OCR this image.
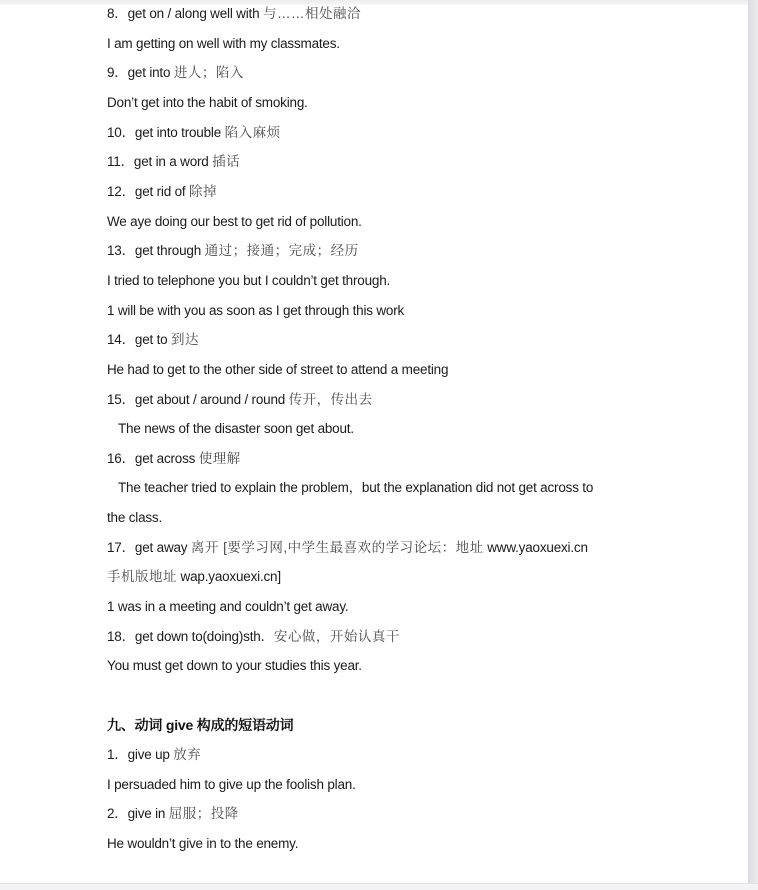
8．get on / along well with 与……相处融洽
I am getting on well with my classmates.
9．get into 进人；陷入
Don’t get into the habit of smoking.
10．get into trouble 陷入麻烦
11．get in a word 插话
12．get rid of 除掉
We aye doing our best to get rid of pollution.
13．get through 通过；接通；完成；经历
I tried to telephone you but I couldn’t get through.
1 will be with you as soon as I get through this work
14．get to 到达
He had to get to the other side of street to attend a meeting
15．get about / around / round 传开，传出去
The news of the disaster soon get about.
16．get across 使理解
The teacher tried to explain the problem，but the explanation did not get across to
the class.
17．get away 离开 [要学习网,中学生最喜欢的学习论坛：地址 www.yaoxuexi.cn
手机版地址 wap.yaoxuexi.cn]
1 was in a meeting and couldn’t get away.
18．get down to(doing)sth．安心做，开始认真干
You must get down to your studies this year.
九、动词 give 构成的短语动词
1．give up 放弃
I persuaded him to give up the foolish plan.
2．give in 屈服；投降
He wouldn’t give in to the enemy.
